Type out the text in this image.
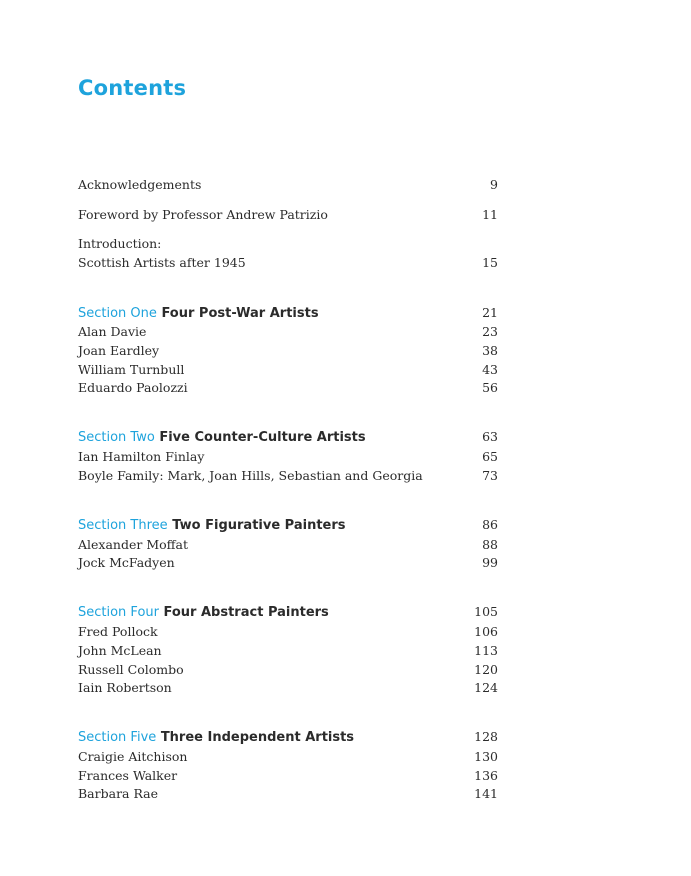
Contents
Acknowledgements	9
Foreword by Professor Andrew Patrizio	11
Introduction:
Scottish Artists after 1945	15
Section One Four Post-War Artists	21
Alan Davie	23
Joan Eardley	38
William Turnbull	43
Eduardo Paolozzi	56
Section Two Five Counter-Culture Artists	63
Ian Hamilton Finlay	65
Boyle Family: Mark, Joan Hills, Sebastian and Georgia	73
Section Three Two Figurative Painters	86
Alexander Moffat	88
Jock McFadyen	99
Section Four Four Abstract Painters	105
Fred Pollock	106
John McLean	113
Russell Colombo	120
Iain Robertson	124
Section Five Three Independent Artists	128
Craigie Aitchison	130
Frances Walker	136
Barbara Rae	141
